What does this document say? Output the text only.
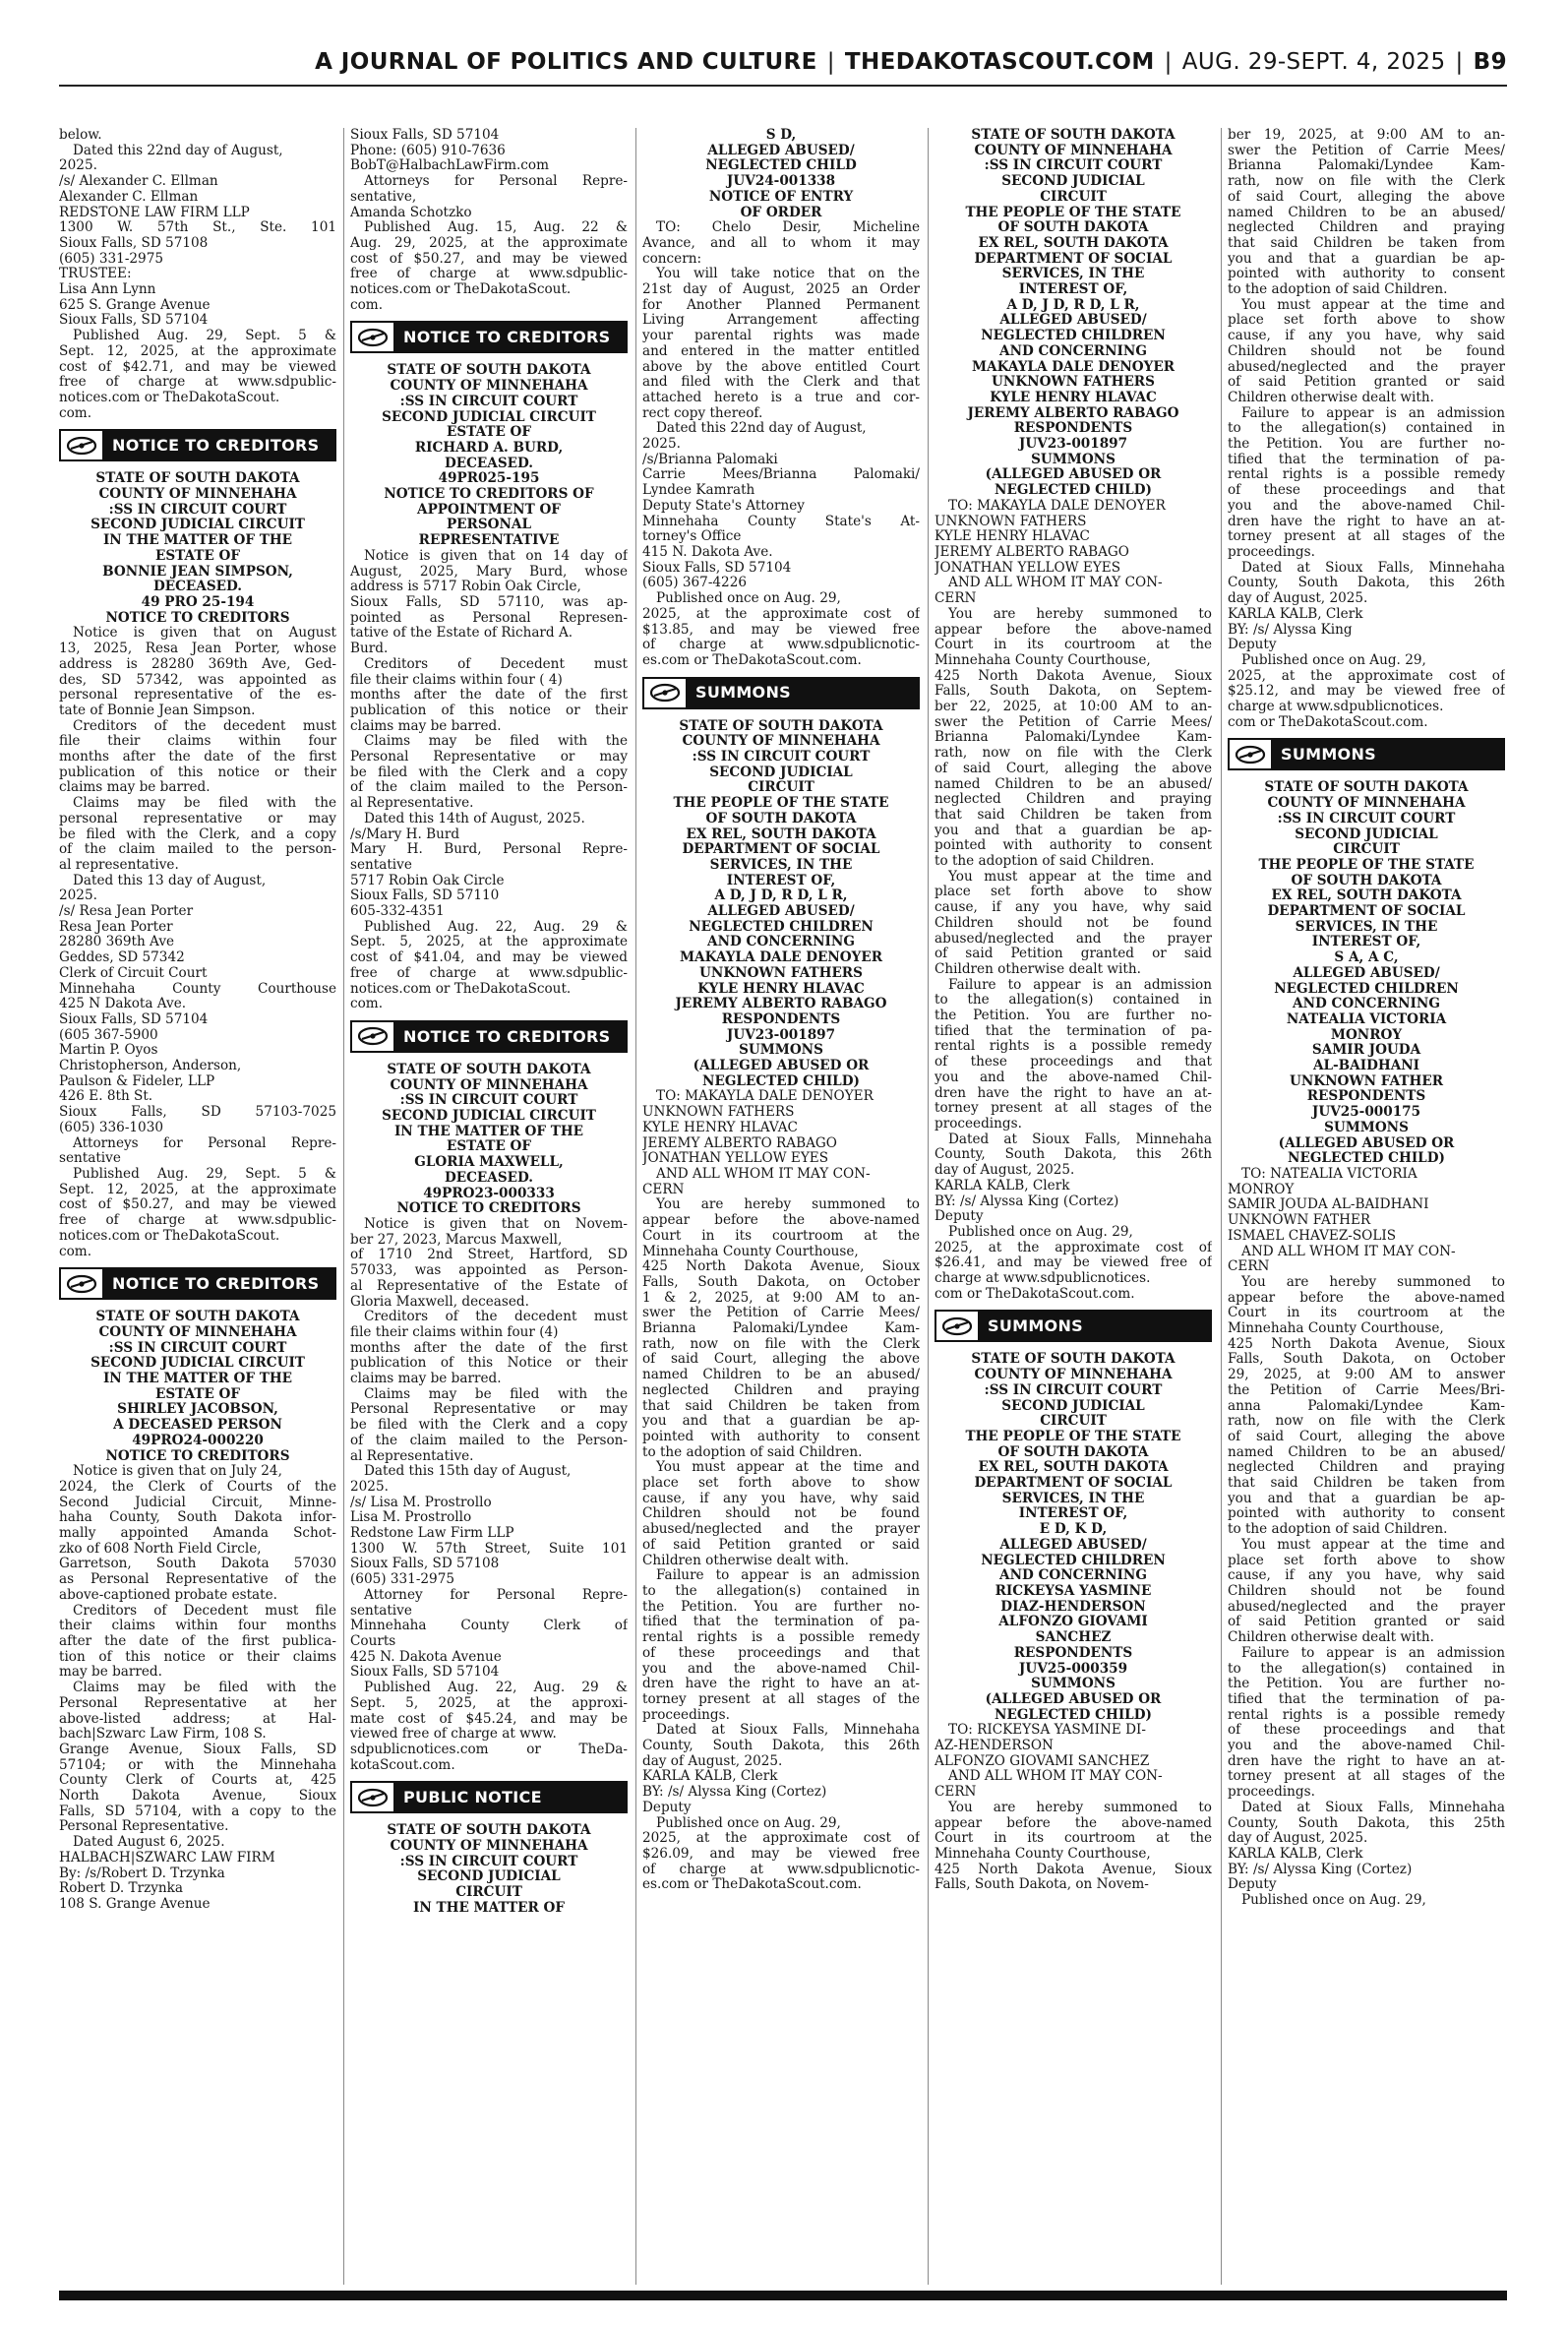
A JOURNAL OF POLITICS AND CULTURE | THEDAKOTASCOUT.COM | AUG. 29-SEPT. 4, 2025 | B9
below.
Dated this 22nd day of August,
2025.
/s/ Alexander C. Ellman
Alexander C. Ellman
REDSTONE LAW FIRM LLP
1300 W. 57th St., Ste. 101
Sioux Falls, SD 57108
(605) 331-2975
TRUSTEE:
Lisa Ann Lynn
625 S. Grange Avenue
Sioux Falls, SD 57104
Published Aug. 29, Sept. 5 &
Sept. 12, 2025, at the approximate
cost of $42.71, and may be viewed
free of charge at www.sdpublic-
notices.com or TheDakotaScout.
com.
NOTICE TO CREDITORS
STATE OF SOUTH DAKOTA
COUNTY OF MINNEHAHA
:SS IN CIRCUIT COURT
SECOND JUDICIAL CIRCUIT
IN THE MATTER OF THE
ESTATE OF
BONNIE JEAN SIMPSON,
DECEASED.
49 PRO 25-194
NOTICE TO CREDITORS
Notice is given that on August
13, 2025, Resa Jean Porter, whose
address is 28280 369th Ave, Ged-
des, SD 57342, was appointed as
personal representative of the es-
tate of Bonnie Jean Simpson.
Creditors of the decedent must
file their claims within four
months after the date of the first
publication of this notice or their
claims may be barred.
Claims may be filed with the
personal representative or may
be filed with the Clerk, and a copy
of the claim mailed to the person-
al representative.
Dated this 13 day of August,
2025.
/s/ Resa Jean Porter
Resa Jean Porter
28280 369th Ave
Geddes, SD 57342
Clerk of Circuit Court
Minnehaha County Courthouse
425 N Dakota Ave.
Sioux Falls, SD 57104
(605 367-5900
Martin P. Oyos
Christopherson, Anderson,
Paulson & Fideler, LLP
426 E. 8th St.
Sioux Falls, SD 57103-7025
(605) 336-1030
Attorneys for Personal Repre-
sentative
Published Aug. 29, Sept. 5 &
Sept. 12, 2025, at the approximate
cost of $50.27, and may be viewed
free of charge at www.sdpublic-
notices.com or TheDakotaScout.
com.
NOTICE TO CREDITORS
STATE OF SOUTH DAKOTA
COUNTY OF MINNEHAHA
:SS IN CIRCUIT COURT
SECOND JUDICIAL CIRCUIT
IN THE MATTER OF THE
ESTATE OF
SHIRLEY JACOBSON,
A DECEASED PERSON
49PRO24-000220
NOTICE TO CREDITORS
Notice is given that on July 24,
2024, the Clerk of Courts of the
Second Judicial Circuit, Minne-
haha County, South Dakota infor-
mally appointed Amanda Schot-
zko of 608 North Field Circle,
Garretson, South Dakota 57030
as Personal Representative of the
above-captioned probate estate.
Creditors of Decedent must file
their claims within four months
after the date of the first publica-
tion of this notice or their claims
may be barred.
Claims may be filed with the
Personal Representative at her
above-listed address; at Hal-
bach|Szwarc Law Firm, 108 S.
Grange Avenue, Sioux Falls, SD
57104; or with the Minnehaha
County Clerk of Courts at, 425
North Dakota Avenue, Sioux
Falls, SD 57104, with a copy to the
Personal Representative.
Dated August 6, 2025.
HALBACH|SZWARC LAW FIRM
By: /s/Robert D. Trzynka
Robert D. Trzynka
108 S. Grange Avenue
Sioux Falls, SD 57104
Phone: (605) 910-7636
BobT@HalbachLawFirm.com
Attorneys for Personal Repre-
sentative,
Amanda Schotzko
Published Aug. 15, Aug. 22 &
Aug. 29, 2025, at the approximate
cost of $50.27, and may be viewed
free of charge at www.sdpublic-
notices.com or TheDakotaScout.
com.
NOTICE TO CREDITORS
STATE OF SOUTH DAKOTA
COUNTY OF MINNEHAHA
:SS IN CIRCUIT COURT
SECOND JUDICIAL CIRCUIT
ESTATE OF
RICHARD A. BURD,
DECEASED.
49PR025-195
NOTICE TO CREDITORS OF
APPOINTMENT OF
PERSONAL
REPRESENTATIVE
Notice is given that on 14 day of
August, 2025, Mary Burd, whose
address is 5717 Robin Oak Circle,
Sioux Falls, SD 57110, was ap-
pointed as Personal Represen-
tative of the Estate of Richard A.
Burd.
Creditors of Decedent must
file their claims within four ( 4)
months after the date of the first
publication of this notice or their
claims may be barred.
Claims may be filed with the
Personal Representative or may
be filed with the Clerk and a copy
of the claim mailed to the Person-
al Representative.
Dated this 14th of August, 2025.
/s/Mary H. Burd
Mary H. Burd, Personal Repre-
sentative
5717 Robin Oak Circle
Sioux Falls, SD 57110
605-332-4351
Published Aug. 22, Aug. 29 &
Sept. 5, 2025, at the approximate
cost of $41.04, and may be viewed
free of charge at www.sdpublic-
notices.com or TheDakotaScout.
com.
NOTICE TO CREDITORS
STATE OF SOUTH DAKOTA
COUNTY OF MINNEHAHA
:SS IN CIRCUIT COURT
SECOND JUDICIAL CIRCUIT
IN THE MATTER OF THE
ESTATE OF
GLORIA MAXWELL,
DECEASED.
49PRO23-000333
NOTICE TO CREDITORS
Notice is given that on Novem-
ber 27, 2023, Marcus Maxwell,
of 1710 2nd Street, Hartford, SD
57033, was appointed as Person-
al Representative of the Estate of
Gloria Maxwell, deceased.
Creditors of the decedent must
file their claims within four (4)
months after the date of the first
publication of this Notice or their
claims may be barred.
Claims may be filed with the
Personal Representative or may
be filed with the Clerk and a copy
of the claim mailed to the Person-
al Representative.
Dated this 15th day of August,
2025.
/s/ Lisa M. Prostrollo
Lisa M. Prostrollo
Redstone Law Firm LLP
1300 W. 57th Street, Suite 101
Sioux Falls, SD 57108
(605) 331-2975
Attorney for Personal Repre-
sentative
Minnehaha County Clerk of
Courts
425 N. Dakota Avenue
Sioux Falls, SD 57104
Published Aug. 22, Aug. 29 &
Sept. 5, 2025, at the approxi-
mate cost of $45.24, and may be
viewed free of charge at www.
sdpublicnotices.com or TheDa-
kotaScout.com.
PUBLIC NOTICE
STATE OF SOUTH DAKOTA
COUNTY OF MINNEHAHA
:SS IN CIRCUIT COURT
SECOND JUDICIAL
CIRCUIT
IN THE MATTER OF
S D,
ALLEGED ABUSED/
NEGLECTED CHILD
JUV24-001338
NOTICE OF ENTRY
OF ORDER
TO: Chelo Desir, Micheline
Avance, and all to whom it may
concern:
You will take notice that on the
21st day of August, 2025 an Order
for Another Planned Permanent
Living Arrangement affecting
your parental rights was made
and entered in the matter entitled
above by the above entitled Court
and filed with the Clerk and that
attached hereto is a true and cor-
rect copy thereof.
Dated this 22nd day of August,
2025.
/s/Brianna Palomaki
Carrie Mees/Brianna Palomaki/
Lyndee Kamrath
Deputy State's Attorney
Minnehaha County State's At-
torney's Office
415 N. Dakota Ave.
Sioux Falls, SD 57104
(605) 367-4226
Published once on Aug. 29,
2025, at the approximate cost of
$13.85, and may be viewed free
of charge at www.sdpublicnotic-
es.com or TheDakotaScout.com.
SUMMONS
STATE OF SOUTH DAKOTA
COUNTY OF MINNEHAHA
:SS IN CIRCUIT COURT
SECOND JUDICIAL
CIRCUIT
THE PEOPLE OF THE STATE
OF SOUTH DAKOTA
EX REL, SOUTH DAKOTA
DEPARTMENT OF SOCIAL
SERVICES, IN THE
INTEREST OF,
A D, J D, R D, L R,
ALLEGED ABUSED/
NEGLECTED CHILDREN
AND CONCERNING
MAKAYLA DALE DENOYER
UNKNOWN FATHERS
KYLE HENRY HLAVAC
JEREMY ALBERTO RABAGO
RESPONDENTS
JUV23-001897
SUMMONS
(ALLEGED ABUSED OR
NEGLECTED CHILD)
TO: MAKAYLA DALE DENOYER
UNKNOWN FATHERS
KYLE HENRY HLAVAC
JEREMY ALBERTO RABAGO
JONATHAN YELLOW EYES
AND ALL WHOM IT MAY CON-
CERN
You are hereby summoned to
appear before the above-named
Court in its courtroom at the
Minnehaha County Courthouse,
425 North Dakota Avenue, Sioux
Falls, South Dakota, on October
1 & 2, 2025, at 9:00 AM to an-
swer the Petition of Carrie Mees/
Brianna Palomaki/Lyndee Kam-
rath, now on file with the Clerk
of said Court, alleging the above
named Children to be an abused/
neglected Children and praying
that said Children be taken from
you and that a guardian be ap-
pointed with authority to consent
to the adoption of said Children.
You must appear at the time and
place set forth above to show
cause, if any you have, why said
Children should not be found
abused/neglected and the prayer
of said Petition granted or said
Children otherwise dealt with.
Failure to appear is an admission
to the allegation(s) contained in
the Petition. You are further no-
tified that the termination of pa-
rental rights is a possible remedy
of these proceedings and that
you and the above-named Chil-
dren have the right to have an at-
torney present at all stages of the
proceedings.
Dated at Sioux Falls, Minnehaha
County, South Dakota, this 26th
day of August, 2025.
KARLA KALB, Clerk
BY: /s/ Alyssa King (Cortez)
Deputy
Published once on Aug. 29,
2025, at the approximate cost of
$26.09, and may be viewed free
of charge at www.sdpublicnotic-
es.com or TheDakotaScout.com.
STATE OF SOUTH DAKOTA
COUNTY OF MINNEHAHA
:SS IN CIRCUIT COURT
SECOND JUDICIAL
CIRCUIT
THE PEOPLE OF THE STATE
OF SOUTH DAKOTA
EX REL, SOUTH DAKOTA
DEPARTMENT OF SOCIAL
SERVICES, IN THE
INTEREST OF,
A D, J D, R D, L R,
ALLEGED ABUSED/
NEGLECTED CHILDREN
AND CONCERNING
MAKAYLA DALE DENOYER
UNKNOWN FATHERS
KYLE HENRY HLAVAC
JEREMY ALBERTO RABAGO
RESPONDENTS
JUV23-001897
SUMMONS
(ALLEGED ABUSED OR
NEGLECTED CHILD)
TO: MAKAYLA DALE DENOYER
UNKNOWN FATHERS
KYLE HENRY HLAVAC
JEREMY ALBERTO RABAGO
JONATHAN YELLOW EYES
AND ALL WHOM IT MAY CON-
CERN
You are hereby summoned to
appear before the above-named
Court in its courtroom at the
Minnehaha County Courthouse,
425 North Dakota Avenue, Sioux
Falls, South Dakota, on Septem-
ber 22, 2025, at 10:00 AM to an-
swer the Petition of Carrie Mees/
Brianna Palomaki/Lyndee Kam-
rath, now on file with the Clerk
of said Court, alleging the above
named Children to be an abused/
neglected Children and praying
that said Children be taken from
you and that a guardian be ap-
pointed with authority to consent
to the adoption of said Children.
You must appear at the time and
place set forth above to show
cause, if any you have, why said
Children should not be found
abused/neglected and the prayer
of said Petition granted or said
Children otherwise dealt with.
Failure to appear is an admission
to the allegation(s) contained in
the Petition. You are further no-
tified that the termination of pa-
rental rights is a possible remedy
of these proceedings and that
you and the above-named Chil-
dren have the right to have an at-
torney present at all stages of the
proceedings.
Dated at Sioux Falls, Minnehaha
County, South Dakota, this 26th
day of August, 2025.
KARLA KALB, Clerk
BY: /s/ Alyssa King (Cortez)
Deputy
Published once on Aug. 29,
2025, at the approximate cost of
$26.41, and may be viewed free of
charge at www.sdpublicnotices.
com or TheDakotaScout.com.
SUMMONS
STATE OF SOUTH DAKOTA
COUNTY OF MINNEHAHA
:SS IN CIRCUIT COURT
SECOND JUDICIAL
CIRCUIT
THE PEOPLE OF THE STATE
OF SOUTH DAKOTA
EX REL, SOUTH DAKOTA
DEPARTMENT OF SOCIAL
SERVICES, IN THE
INTEREST OF,
E D, K D,
ALLEGED ABUSED/
NEGLECTED CHILDREN
AND CONCERNING
RICKEYSA YASMINE
DIAZ-HENDERSON
ALFONZO GIOVAMI
SANCHEZ
RESPONDENTS
JUV25-000359
SUMMONS
(ALLEGED ABUSED OR
NEGLECTED CHILD)
TO: RICKEYSA YASMINE DI-
AZ-HENDERSON
ALFONZO GIOVAMI SANCHEZ
AND ALL WHOM IT MAY CON-
CERN
You are hereby summoned to
appear before the above-named
Court in its courtroom at the
Minnehaha County Courthouse,
425 North Dakota Avenue, Sioux
Falls, South Dakota, on Novem-
ber 19, 2025, at 9:00 AM to an-
swer the Petition of Carrie Mees/
Brianna Palomaki/Lyndee Kam-
rath, now on file with the Clerk
of said Court, alleging the above
named Children to be an abused/
neglected Children and praying
that said Children be taken from
you and that a guardian be ap-
pointed with authority to consent
to the adoption of said Children.
You must appear at the time and
place set forth above to show
cause, if any you have, why said
Children should not be found
abused/neglected and the prayer
of said Petition granted or said
Children otherwise dealt with.
Failure to appear is an admission
to the allegation(s) contained in
the Petition. You are further no-
tified that the termination of pa-
rental rights is a possible remedy
of these proceedings and that
you and the above-named Chil-
dren have the right to have an at-
torney present at all stages of the
proceedings.
Dated at Sioux Falls, Minnehaha
County, South Dakota, this 26th
day of August, 2025.
KARLA KALB, Clerk
BY: /s/ Alyssa King
Deputy
Published once on Aug. 29,
2025, at the approximate cost of
$25.12, and may be viewed free of
charge at www.sdpublicnotices.
com or TheDakotaScout.com.
SUMMONS
STATE OF SOUTH DAKOTA
COUNTY OF MINNEHAHA
:SS IN CIRCUIT COURT
SECOND JUDICIAL
CIRCUIT
THE PEOPLE OF THE STATE
OF SOUTH DAKOTA
EX REL, SOUTH DAKOTA
DEPARTMENT OF SOCIAL
SERVICES, IN THE
INTEREST OF,
S A, A C,
ALLEGED ABUSED/
NEGLECTED CHILDREN
AND CONCERNING
NATEALIA VICTORIA
MONROY
SAMIR JOUDA
AL-BAIDHANI
UNKNOWN FATHER
RESPONDENTS
JUV25-000175
SUMMONS
(ALLEGED ABUSED OR
NEGLECTED CHILD)
TO: NATEALIA VICTORIA
MONROY
SAMIR JOUDA AL-BAIDHANI
UNKNOWN FATHER
ISMAEL CHAVEZ-SOLIS
AND ALL WHOM IT MAY CON-
CERN
You are hereby summoned to
appear before the above-named
Court in its courtroom at the
Minnehaha County Courthouse,
425 North Dakota Avenue, Sioux
Falls, South Dakota, on October
29, 2025, at 9:00 AM to answer
the Petition of Carrie Mees/Bri-
anna Palomaki/Lyndee Kam-
rath, now on file with the Clerk
of said Court, alleging the above
named Children to be an abused/
neglected Children and praying
that said Children be taken from
you and that a guardian be ap-
pointed with authority to consent
to the adoption of said Children.
You must appear at the time and
place set forth above to show
cause, if any you have, why said
Children should not be found
abused/neglected and the prayer
of said Petition granted or said
Children otherwise dealt with.
Failure to appear is an admission
to the allegation(s) contained in
the Petition. You are further no-
tified that the termination of pa-
rental rights is a possible remedy
of these proceedings and that
you and the above-named Chil-
dren have the right to have an at-
torney present at all stages of the
proceedings.
Dated at Sioux Falls, Minnehaha
County, South Dakota, this 25th
day of August, 2025.
KARLA KALB, Clerk
BY: /s/ Alyssa King (Cortez)
Deputy
Published once on Aug. 29,
